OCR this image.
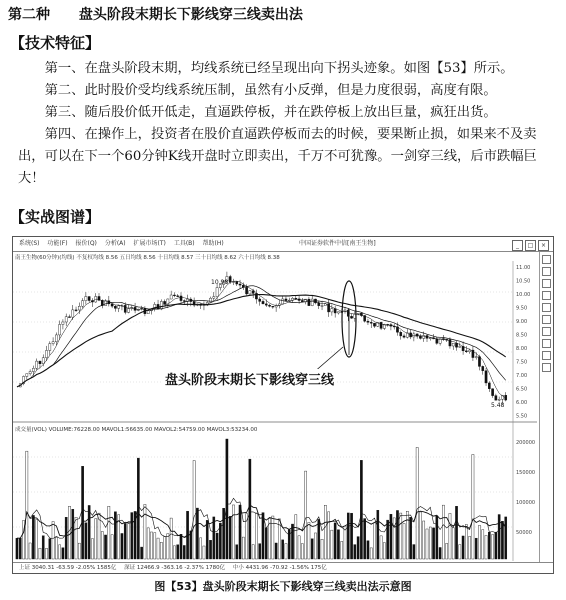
第二种 盘头阶段末期长下影线穿三线卖出法
【技术特征】

第一、在盘头阶段末期，均线系统已经呈现出向下拐头迹象。如图【53】所示。

第二、此时股价受均线系统压制，虽然有小反弹，但是力度很弱，高度有限。

第三、随后股价低开低走，直逼跌停板，并在跌停板上放出巨量，疯狂出货。

第四、在操作上，投资者在股价直逼跌停板而去的时候，要果断止损，如果来不及卖出，可以在下一个60分钟K线开盘时立即卖出，千万不可犹豫。一剑穿三线，后市跌幅巨大！

【实战图谱】
系统(S) 功能(F) 报价(Q) 分析(A) 扩展市场(T) 工具(B) 帮助(H)	中国证券软件中信[南王生物]	_ □ ×
南王生物(60分钟)(均线) 不复权均线 8.56 五日均线 8.56 十日均线 8.57 三十日均线 8.62 六十日均线 8.38
11.00
10.50
10.00
9.50
9.00
8.50
8.00
7.50
7.00
6.50
6.00
5.50
200000
150000
100000
50000
10.98
5.48
盘头阶段末期长下影线穿三线
成交量(VOL) VOLUME:76228.00 MAVOL1:56635.00 MAVOL2:54759.00 MAVOL3:53234.00
上证 3040.31 -63.59 -2.05% 1585亿 深证 12466.9 -363.16 -2.37% 1780亿 中小 4431.96 -70.92 -1.56% 175亿
图【53】盘头阶段末期长下影线穿三线卖出法示意图
